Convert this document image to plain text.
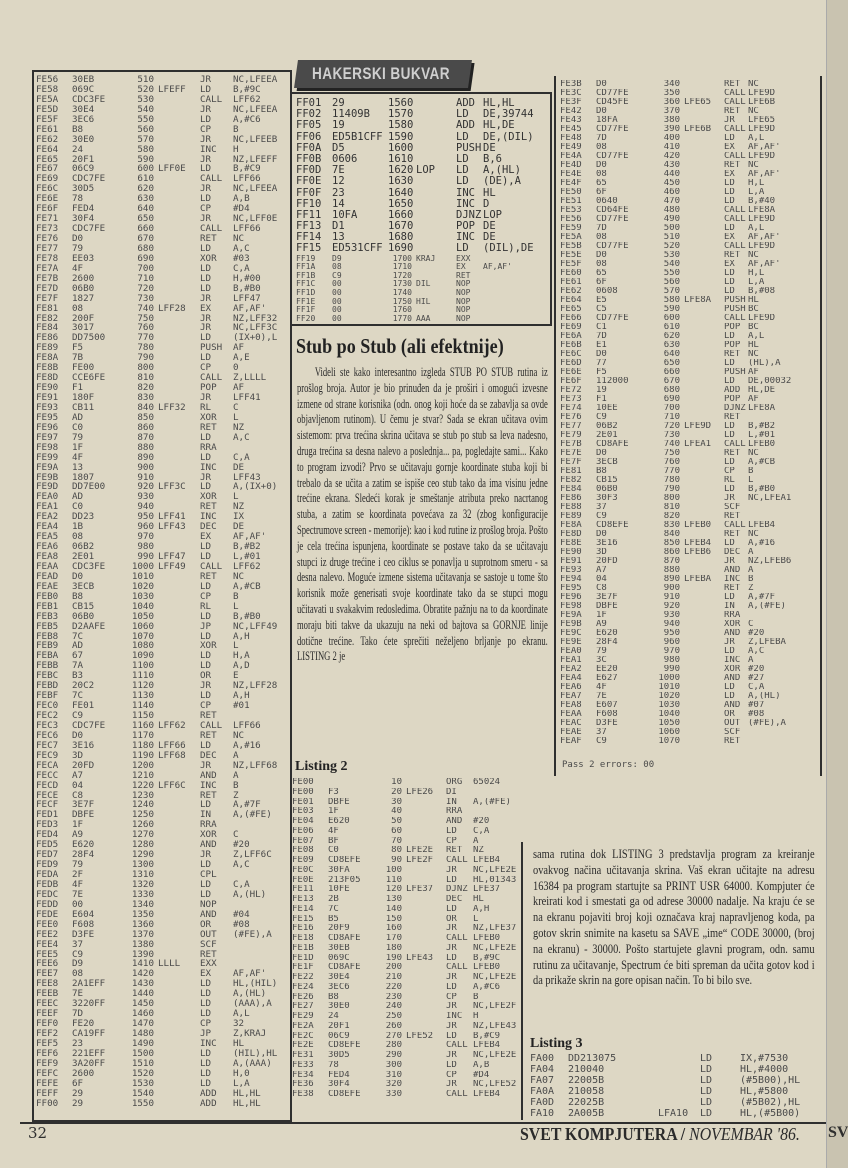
HAKERSKI BUKVAR
FE56	30EB	510	JR	NC,LFEEA
FE58	069C	520 LFEFF	LD	B,#9C
FE5A	CDC3FE	530	CALL	LFF62
FE5D	30E4	540	JR	NC,LFEEA
FE5F	3EC6	550	LD	A,#C6
FE61	B8	560	CP	B
FE62	30E0	570	JR	NC,LFEEB
FE64	24	580	INC	H
FE65	20F1	590	JR	NZ,LFEFF
FE67	06C9	600 LFF0E	LD	B,#C9
FE69	CDC7FE	610	CALL	LFF66
FE6C	30D5	620	JR	NC,LFEEA
FE6E	78	630	LD	A,B
FE6F	FED4	640	CP	#D4
FE71	30F4	650	JR	NC,LFF0E
FE73	CDC7FE	660	CALL	LFF66
FE76	D0	670	RET	NC
FE77	79	680	LD	A,C
FE78	EE03	690	XOR	#03
FE7A	4F	700	LD	C,A
FE7B	2600	710	LD	H,#00
FE7D	06B0	720	LD	B,#B0
FE7F	1827	730	JR	LFF47
FE81	08	740 LFF28	EX	AF,AF'
FE82	200F	750	JR	NZ,LFF32
FE84	3017	760	JR	NC,LFF3C
FE86	DD7500	770	LD	(IX+0),L
FE89	F5	780	PUSH	AF
FE8A	7B	790	LD	A,E
FE8B	FE00	800	CP	0
FE8D	CCE6FE	810	CALL	Z,LLLL
FE90	F1	820	POP	AF
FE91	180F	830	JR	LFF41
FE93	CB11	840 LFF32	RL	C
FE95	AD	850	XOR	L
FE96	C0	860	RET	NZ
FE97	79	870	LD	A,C
FE98	1F	880	RRA
FE99	4F	890	LD	C,A
FE9A	13	900	INC	DE
FE9B	1807	910	JR	LFF43
FE9D	DD7E00	920 LFF3C	LD	A,(IX+0)
FEA0	AD	930	XOR	L
FEA1	C0	940	RET	NZ
FEA2	DD23	950 LFF41	INC	IX
FEA4	1B	960 LFF43	DEC	DE
FEA5	08	970	EX	AF,AF'
FEA6	06B2	980	LD	B,#B2
FEA8	2E01	990 LFF47	LD	L,#01
FEAA	CDC3FE	1000 LFF49	CALL	LFF62
FEAD	D0	1010	RET	NC
FEAE	3ECB	1020	LD	A,#CB
FEB0	B8	1030	CP	B
FEB1	CB15	1040	RL	L
FEB3	06B0	1050	LD	B,#B0
FEB5	D2AAFE	1060	JP	NC,LFF49
FEB8	7C	1070	LD	A,H
FEB9	AD	1080	XOR	L
FEBA	67	1090	LD	H,A
FEBB	7A	1100	LD	A,D
FEBC	B3	1110	OR	E
FEBD	20C2	1120	JR	NZ,LFF28
FEBF	7C	1130	LD	A,H
FEC0	FE01	1140	CP	#01
FEC2	C9	1150	RET
FEC3	CDC7FE	1160 LFF62	CALL	LFF66
FEC6	D0	1170	RET	NC
FEC7	3E16	1180 LFF66	LD	A,#16
FEC9	3D	1190 LFF68	DEC	A
FECA	20FD	1200	JR	NZ,LFF68
FECC	A7	1210	AND	A
FECD	04	1220 LFF6C	INC	B
FECE	C8	1230	RET	Z
FECF	3E7F	1240	LD	A,#7F
FED1	DBFE	1250	IN	A,(#FE)
FED3	1F	1260	RRA
FED4	A9	1270	XOR	C
FED5	E620	1280	AND	#20
FED7	28F4	1290	JR	Z,LFF6C
FED9	79	1300	LD	A,C
FEDA	2F	1310	CPL
FEDB	4F	1320	LD	C,A
FEDC	7E	1330	LD	A,(HL)
FEDD	00	1340	NOP
FEDE	E604	1350	AND	#04
FEE0	F608	1360	OR	#08
FEE2	D3FE	1370	OUT	(#FE),A
FEE4	37	1380	SCF
FEE5	C9	1390	RET
FEE6	D9	1410 LLLL	EXX
FEE7	08	1420	EX	AF,AF'
FEE8	2A1EFF	1430	LD	HL,(HIL)
FEEB	7E	1440	LD	A,(HL)
FEEC	3220FF	1450	LD	(AAA),A
FEEF	7D	1460	LD	A,L
FEF0	FE20	1470	CP	32
FEF2	CA19FF	1480	JP	Z,KRAJ
FEF5	23	1490	INC	HL
FEF6	221EFF	1500	LD	(HIL),HL
FEF9	3A20FF	1510	LD	A,(AAA)
FEFC	2600	1520	LD	H,0
FEFE	6F	1530	LD	L,A
FEFF	29	1540	ADD	HL,HL
FF00	29	1550	ADD	HL,HL
FF01	29	1560	ADD HL,HL
FF02	11409B	1570	LD	DE,39744
FF05	19	1580	ADD HL,DE
FF06	ED5B1CFF 1590	LD	DE,(DIL)
FF0A	D5	1600	PUSH DE
FF0B	0606	1610	LD	B,6
FF0D	7E	1620 LOP	LD	A,(HL)
FF0E	12	1630	LD	(DE),A
FF0F	23	1640	INC HL
FF10	14	1650	INC D
FF11	10FA	1660	DJNZ LOP
FF13	D1	1670	POP DE
FF14	13	1680	INC DE
FF15	ED531CFF 1690	LD	(DIL),DE
FF19	D9	1700 KRAJ	EXX
FF1A	08	1710	EX	AF,AF'
FF1B	C9	1720	RET
FF1C	00	1730 DIL	NOP
FF1D	00	1740	NOP
FF1E	00	1750 HIL	NOP
FF1F	00	1760	NOP
FF20	00	1770 AAA	NOP
FE3B	D0	340	RET NC
FE3C	CD77FE	350	CALL LFE9D
FE3F	CD45FE	360 LFE65	CALL LFE6B
FE42	D0	370	RET NC
FE43	18FA	380	JR	LFE65
FE45	CD77FE	390 LFE6B	CALL LFE9D
FE48	7D	400	LD	A,L
FE49	08	410	EX	AF,AF'
FE4A	CD77FE	420	CALL LFE9D
FE4D	D0	430	RET NC
FE4E	08	440	EX	AF,AF'
FE4F	65	450	LD	H,L
FE50	6F	460	LD	L,A
FE51	0640	470	LD	B,#40
FE53	CD64FE	480	CALL LFE8A
FE56	CD77FE	490	CALL LFE9D
FE59	7D	500	LD	A,L
FE5A	08	510	EX	AF,AF'
FE5B	CD77FE	520	CALL LFE9D
FE5E	D0	530	RET NC
FE5F	08	540	EX	AF,AF'
FE60	65	550	LD	H,L
FE61	6F	560	LD	L,A
FE62	0608	570	LD	B,#08
FE64	E5	580 LFE8A	PUSH HL
FE65	C5	590	PUSH BC
FE66	CD77FE	600	CALL LFE9D
FE69	C1	610	POP BC
FE6A	7D	620	LD	A,L
FE6B	E1	630	POP HL
FE6C	D0	640	RET NC
FE6D	77	650	LD	(HL),A
FE6E	F5	660	PUSH AF
FE6F	112000	670	LD	DE,00032
FE72	19	680	ADD HL,DE
FE73	F1	690	POP AF
FE74	10EE	700	DJNZ LFE8A
FE76	C9	710	RET
FE77	06B2	720 LFE9D	LD	B,#B2
FE79	2E01	730	LD	L,#01
FE7B	CD8AFE	740 LFEA1	CALL LFEB0
FE7E	D0	750	RET NC
FE7F	3ECB	760	LD	A,#CB
FE81	B8	770	CP	B
FE82	CB15	780	RL	L
FE84	06B0	790	LD	B,#B0
FE86	30F3	800	JR	NC,LFEA1
FE88	37	810	SCF
FE89	C9	820	RET
FE8A	CD8EFE	830 LFEB0	CALL LFEB4
FE8D	D0	840	RET NC
FE8E	3E16	850 LFEB4	LD	A,#16
FE90	3D	860 LFEB6	DEC A
FE91	20FD	870	JR	NZ,LFEB6
FE93	A7	880	AND A
FE94	04	890 LFEBA	INC B
FE95	C8	900	RET Z
FE96	3E7F	910	LD	A,#7F
FE98	DBFE	920	IN	A,(#FE)
FE9A	1F	930	RRA
FE9B	A9	940	XOR C
FE9C	E620	950	AND #20
FE9E	28F4	960	JR	Z,LFEBA
FEA0	79	970	LD	A,C
FEA1	3C	980	INC A
FEA2	EE20	990	XOR #20
FEA4	E627	1000	AND #27
FEA6	4F	1010	LD	C,A
FEA7	7E	1020	LD	A,(HL)
FEA8	E607	1030	AND #07
FEAA	F608	1040	OR	#08
FEAC	D3FE	1050	OUT (#FE),A
FEAE	37	1060	SCF
FEAF	C9	1070	RET
Pass 2 errors: 00
Stub po Stub (ali efektnije)

Videli ste kako interesantno izgleda STUB PO STUB rutina iz prošlog broja. Autor je bio prinuđen da je proširi i omogući izvesne izmene od strane korisnika (odn. onog koji hoće da se zabavlja sa ovde objavljenom rutinom). U čemu je stvar? Sada se ekran učitava ovim sistemom: prva trećina skrina učitava se stub po stub sa leva nadesno, druga trećina sa desna nalevo a poslednja... pa, pogledajte sami... Kako to program izvodi? Prvo se učitavaju gornje koordinate stuba koji bi trebalo da se učita a zatim se ispiše ceo stub tako da ima visinu jedne trećine ekrana. Sledeći korak je smeštanje atributa preko nacrtanog stuba, a zatim se koordinata povećava za 32 (zbog konfiguracije Spectrumove screen - memorije): kao i kod rutine iz prošlog broja. Pošto je cela trećina ispunjena, koordinate se postave tako da se učitavaju stupci iz druge trećine i ceo ciklus se ponavlja u suprotnom smeru - sa desna nalevo. Moguće izmene sistema učitavanja se sastoje u tome što korisnik može generisati svoje koordinate tako da se stupci mogu učitavati u svakakvim redosledima. Obratite pažnju na to da koordinate moraju biti takve da ukazuju na neki od bajtova sa GORNJE linije dotične trećine. Tako ćete sprečiti neželjeno brljanje po ekranu. LISTING 2 je

Listing 2
FE00	10	ORG	65024
FE00	F3	20 LFE26	DI
FE01	DBFE	30	IN	A,(#FE)
FE03	1F	40	RRA
FE04	E620	50	AND	#20
FE06	4F	60	LD	C,A
FE07	BF	70	CP	A
FE08	C0	80 LFE2E	RET	NZ
FE09	CD8EFE	90 LFE2F	CALL LFEB4
FE0C	30FA	100	JR	NC,LFE2E
FE0E	213F05	110	LD	HL,01343
FE11	10FE	120 LFE37	DJNZ LFE37
FE13	2B	130	DEC	HL
FE14	7C	140	LD	A,H
FE15	B5	150	OR	L
FE16	20F9	160	JR	NZ,LFE37
FE18	CD8AFE	170	CALL LFEB0
FE1B	30EB	180	JR	NC,LFE2E
FE1D	069C	190 LFE43	LD	B,#9C
FE1F	CD8AFE	200	CALL LFEB0
FE22	30E4	210	JR	NC,LFE2E
FE24	3EC6	220	LD	A,#C6
FE26	B8	230	CP	B
FE27	30E0	240	JR	NC,LFE2F
FE29	24	250	INC	H
FE2A	20F1	260	JR	NZ,LFE43
FE2C	06C9	270 LFE52	LD	B,#C9
FE2E	CD8EFE	280	CALL LFEB4
FE31	30D5	290	JR	NC,LFE2E
FE33	78	300	LD	A,B
FE34	FED4	310	CP	#D4
FE36	30F4	320	JR	NC,LFE52
FE38	CD8EFE	330	CALL LFEB4

sama rutina dok LISTING 3 predstavlja program za kreiranje ovakvog načina učitavanja skrina. Vaš ekran učitajte na adresu 16384 pa program startujte sa PRINT USR 64000. Kompjuter će kreirati kod i smestati ga od adrese 30000 nadalje. Na kraju će se na ekranu pojaviti broj koji označava kraj napravljenog koda, pa gotov skrin snimite na kasetu sa SAVE „ime“ CODE 30000, (broj na ekranu) - 30000. Pošto startujete glavni program, odn. samu rutinu za učitavanje, Spectrum će biti spreman da učita gotov kod i da prikaže skrin na gore opisan način. To bi bilo sve.

Listing 3
FA00	DD213075	LD	IX,#7530
FA04	210040	LD	HL,#4000
FA07	22005B	LD	(#5B00),HL
FA0A	210058	LD	HL,#5800
FA0D	22025B	LD	(#5B02),HL
FA10	2A005B	LFA10	LD	HL,(#5B00)
32	SVET KOMPJUTERA / NOVEMBAR '86. SV
